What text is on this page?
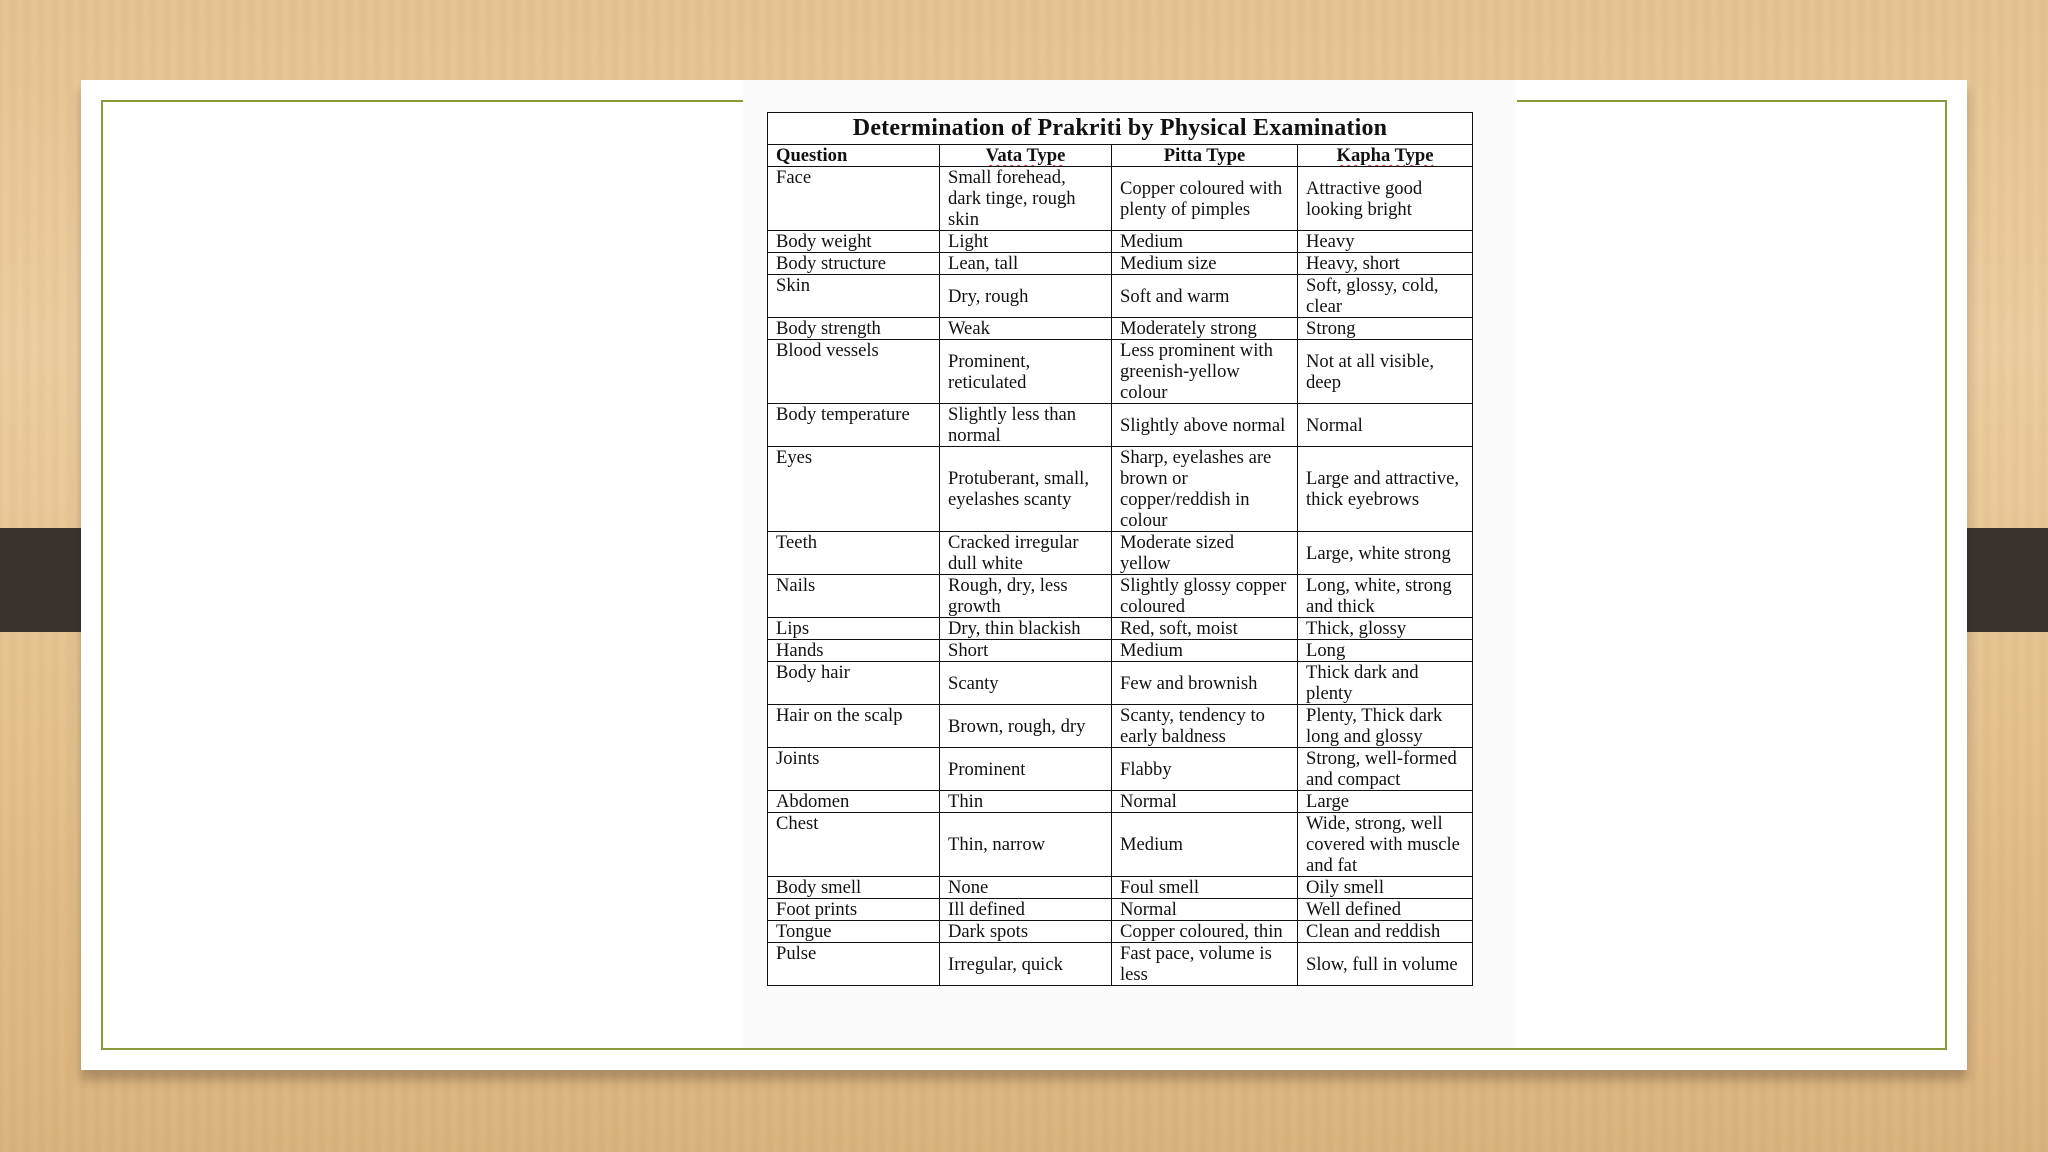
Determination of Prakriti by Physical Examination			
Question	Vata Type	Pitta Type	Kapha Type
Face	Small forehead, dark tinge, rough skin	Copper coloured with plenty of pimples	Attractive good looking bright
Body weight	Light	Medium	Heavy
Body structure	Lean, tall	Medium size	Heavy, short
Skin	Dry, rough	Soft and warm	Soft, glossy, cold, clear
Body strength	Weak	Moderately strong	Strong
Blood vessels	Prominent, reticulated	Less prominent with greenish-yellow colour	Not at all visible, deep
Body temperature	Slightly less than normal	Slightly above normal	Normal
Eyes	Protuberant, small, eyelashes scanty	Sharp, eyelashes are brown or copper/reddish in colour	Large and attractive, thick eyebrows
Teeth	Cracked irregular dull white	Moderate sized yellow	Large, white strong
Nails	Rough, dry, less growth	Slightly glossy copper coloured	Long, white, strong and thick
Lips	Dry, thin blackish	Red, soft, moist	Thick, glossy
Hands	Short	Medium	Long
Body hair	Scanty	Few and brownish	Thick dark and plenty
Hair on the scalp	Brown, rough, dry	Scanty, tendency to early baldness	Plenty, Thick dark long and glossy
Joints	Prominent	Flabby	Strong, well-formed and compact
Abdomen	Thin	Normal	Large
Chest	Thin, narrow	Medium	Wide, strong, well covered with muscle and fat
Body smell	None	Foul smell	Oily smell
Foot prints	Ill defined	Normal	Well defined
Tongue	Dark spots	Copper coloured, thin	Clean and reddish
Pulse	Irregular, quick	Fast pace, volume is less	Slow, full in volume
